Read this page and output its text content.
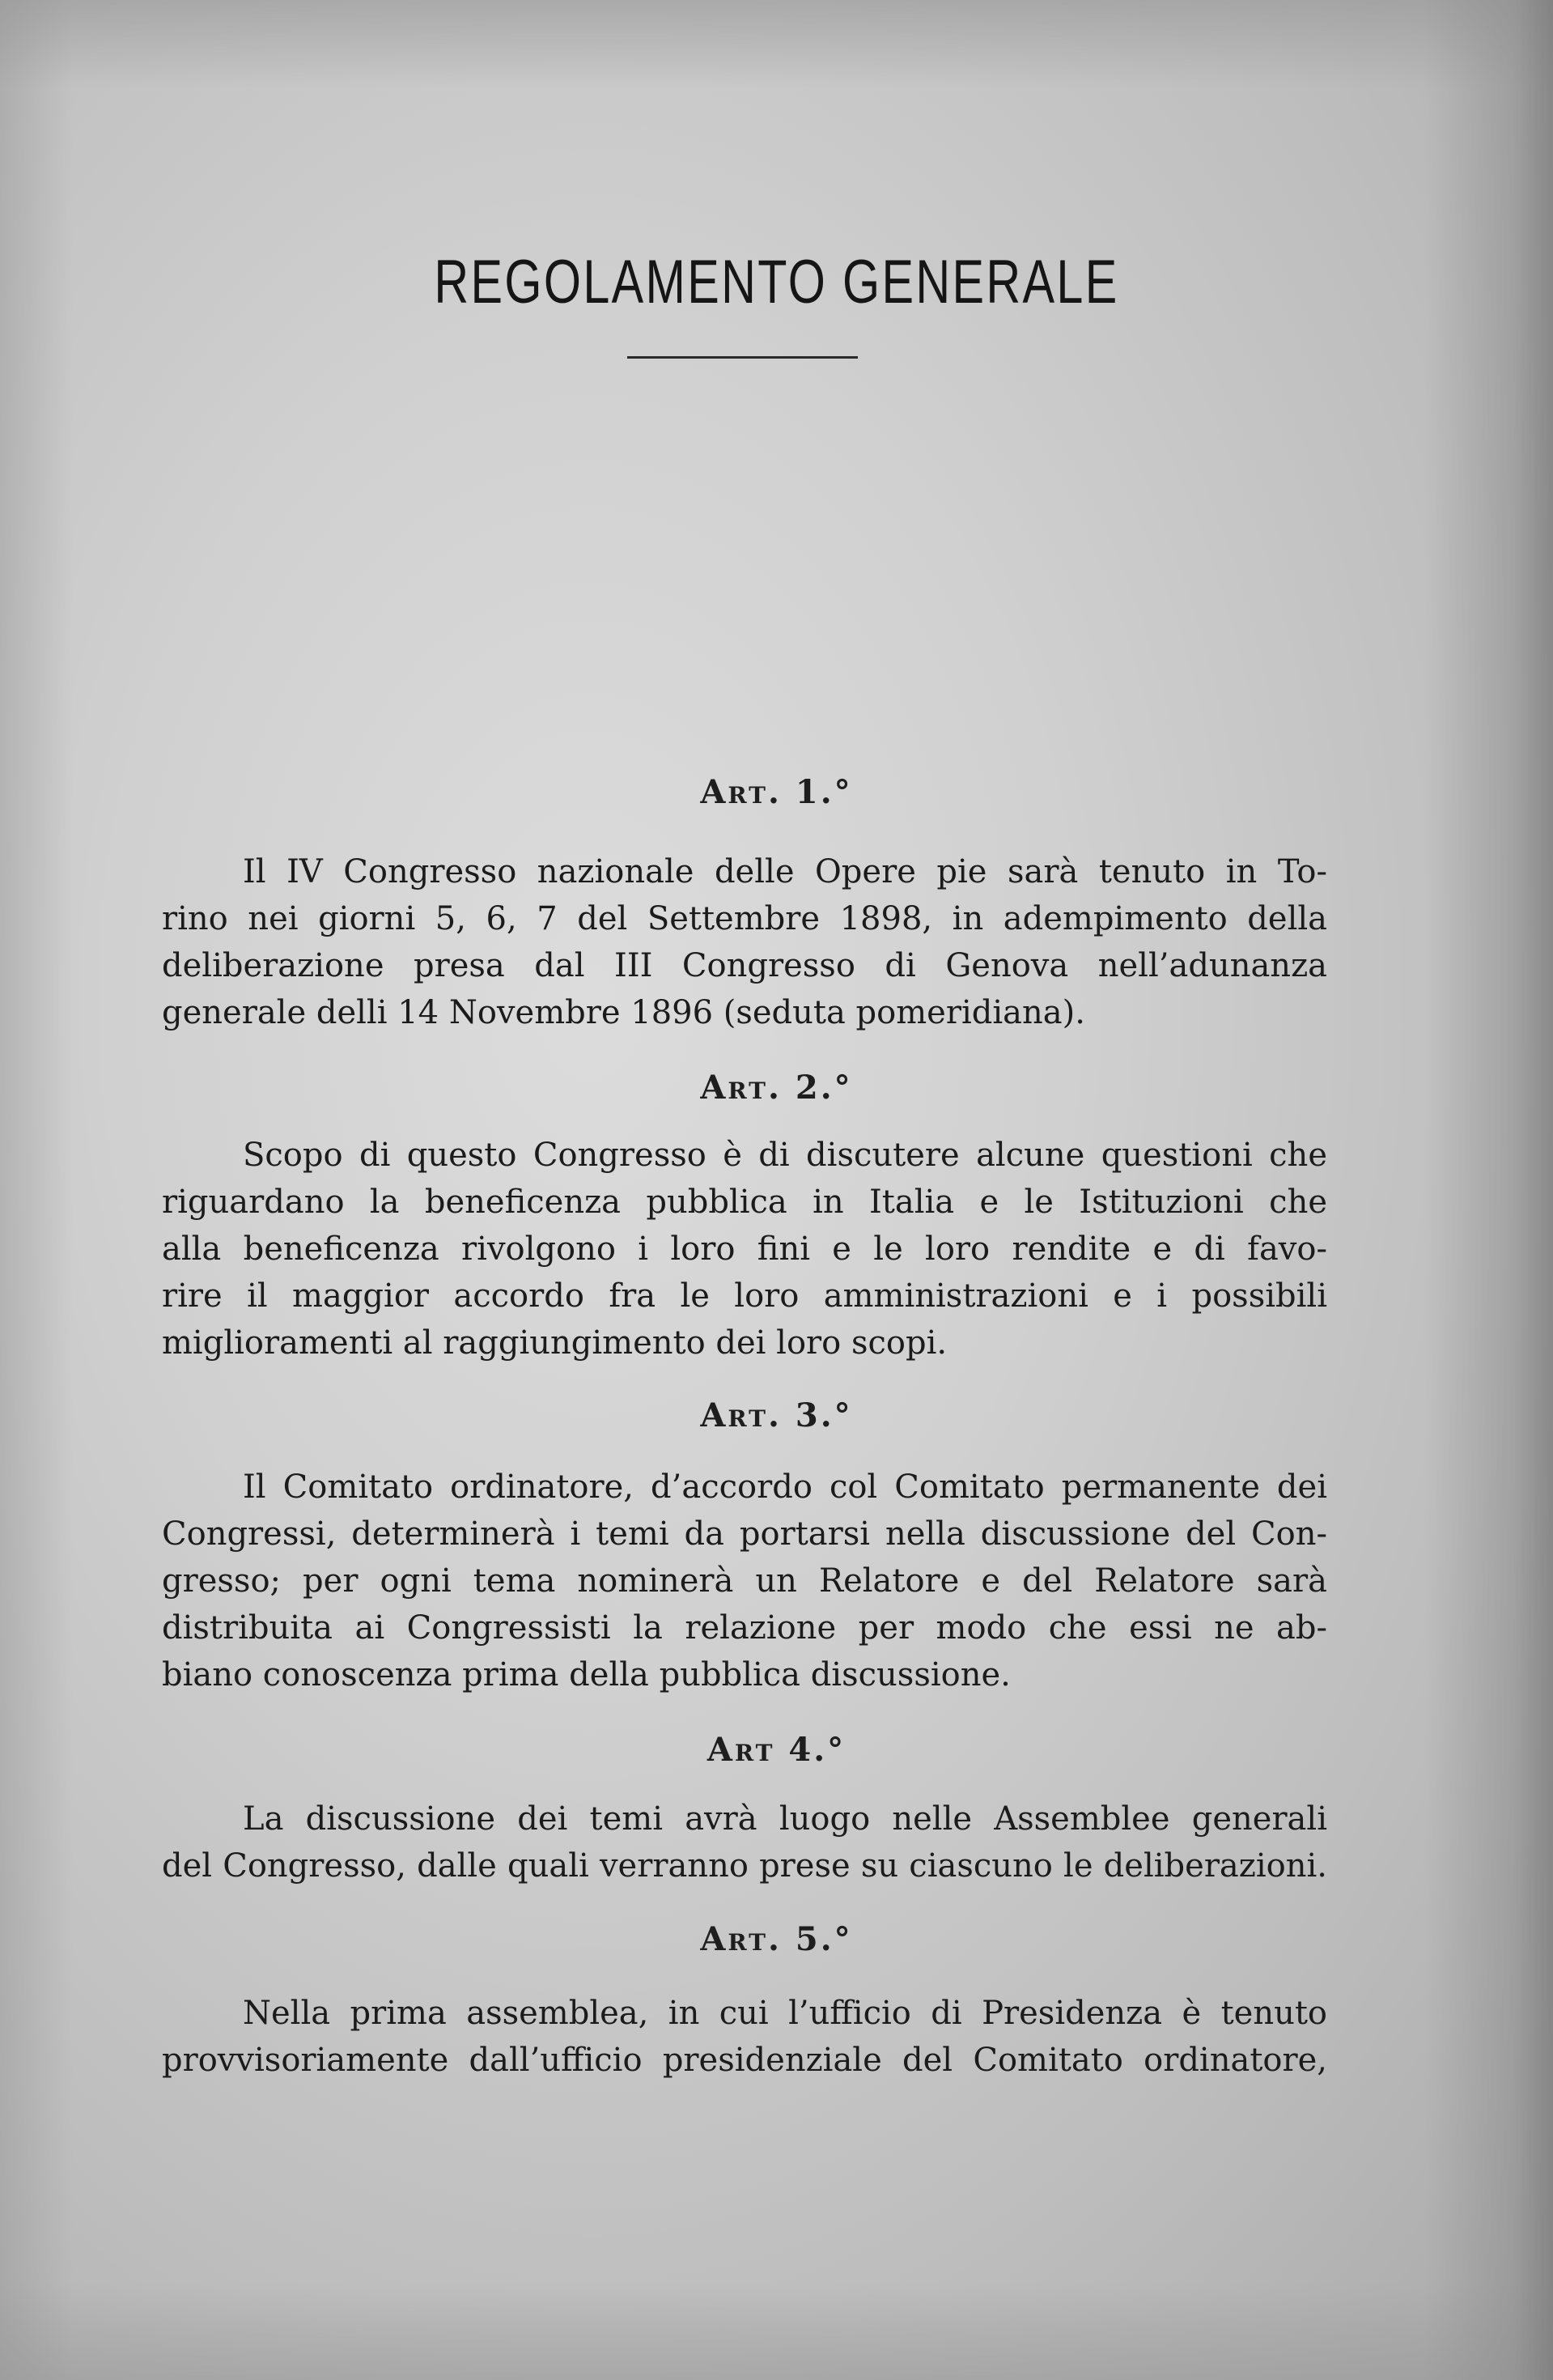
REGOLAMENTO GENERALE
Art. 1.°

Il IV Congresso nazionale delle Opere pie sarà tenuto in To-
rino nei giorni 5, 6, 7 del Settembre 1898, in adempimento della
deliberazione presa dal III Congresso di Genova nell’adunanza
generale delli 14 Novembre 1896 (seduta pomeridiana).

Art. 2.°

Scopo di questo Congresso è di discutere alcune questioni che
riguardano la beneficenza pubblica in Italia e le Istituzioni che
alla beneficenza rivolgono i loro fini e le loro rendite e di favo-
rire il maggior accordo fra le loro amministrazioni e i possibili
miglioramenti al raggiungimento dei loro scopi.

Art. 3.°

Il Comitato ordinatore, d’accordo col Comitato permanente dei
Congressi, determinerà i temi da portarsi nella discussione del Con-
gresso; per ogni tema nominerà un Relatore e del Relatore sarà
distribuita ai Congressisti la relazione per modo che essi ne ab-
biano conoscenza prima della pubblica discussione.

Art 4.°

La discussione dei temi avrà luogo nelle Assemblee generali
del Congresso, dalle quali verranno prese su ciascuno le deliberazioni.

Art. 5.°

Nella prima assemblea, in cui l’ufficio di Presidenza è tenuto
provvisoriamente dall’ufficio presidenziale del Comitato ordinatore,
